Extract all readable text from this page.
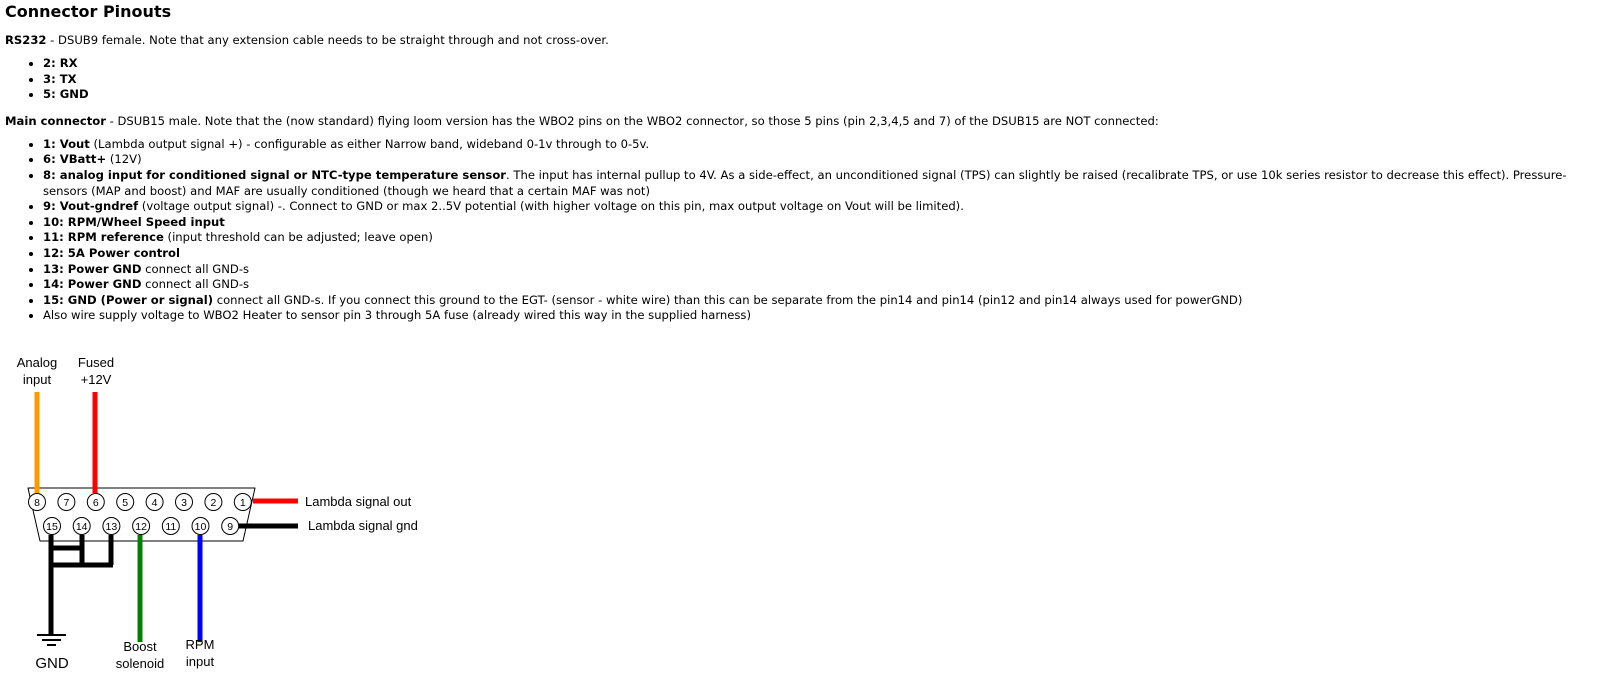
Connector Pinouts

RS232 - DSUB9 female. Note that any extension cable needs to be straight through and not cross-over.

• 2: RX
• 3: TX
• 5: GND

Main connector - DSUB15 male. Note that the (now standard) flying loom version has the WBO2 pins on the WBO2 connector, so those 5 pins (pin 2,3,4,5 and 7) of the DSUB15 are NOT connected:

• 1: Vout (Lambda output signal +) - configurable as either Narrow band, wideband 0-1v through to 0-5v.
• 6: VBatt+ (12V)
• 8: analog input for conditioned signal or NTC-type temperature sensor. The input has internal pullup to 4V. As a side-effect, an unconditioned signal (TPS) can slightly be raised (recalibrate TPS, or use 10k series resistor to decrease this effect). Pressure-sensors (MAP and boost) and MAF are usually conditioned (though we heard that a certain MAF was not)
• 9: Vout-gndref (voltage output signal) -. Connect to GND or max 2..5V potential (with higher voltage on this pin, max output voltage on Vout will be limited).
• 10: RPM/Wheel Speed input
• 11: RPM reference (input threshold can be adjusted; leave open)
• 12: 5A Power control
• 13: Power GND connect all GND-s
• 14: Power GND connect all GND-s
• 15: GND (Power or signal) connect all GND-s. If you connect this ground to the EGT- (sensor - white wire) than this can be separate from the pin14 and pin14 (pin12 and pin14 always used for powerGND)
• Also wire supply voltage to WBO2 Heater to sensor pin 3 through 5A fuse (already wired this way in the supplied harness)
8 7 6 5 4 3 2 1
15 14 13 12 11 10 9
Analog
input
Fused
+12V
Lambda signal out
Lambda signal gnd
GND
Boost
solenoid
RPM
input
